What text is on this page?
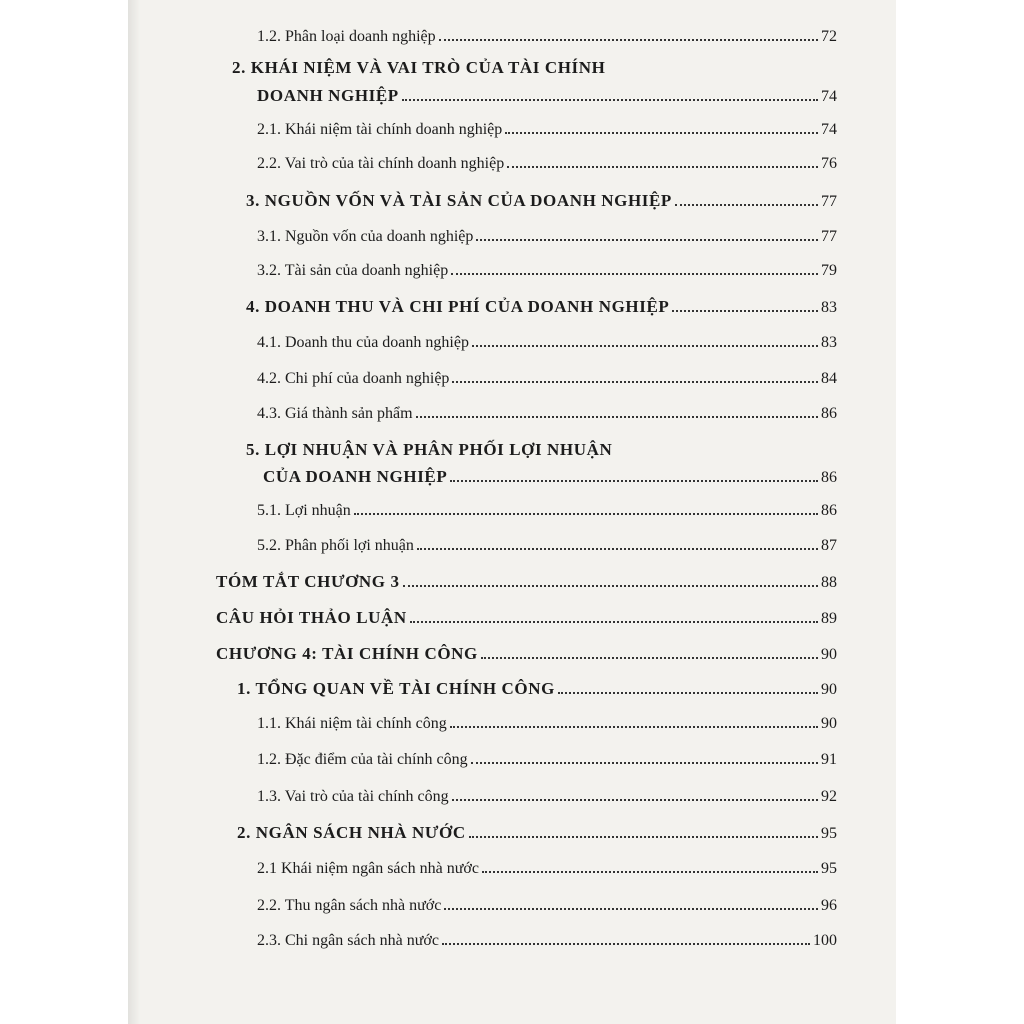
1.2. Phân loại doanh nghiệp	72
2. KHÁI NIỆM VÀ VAI TRÒ CỦA TÀI CHÍNH
DOANH NGHIỆP	74
2.1. Khái niệm tài chính doanh nghiệp	74
2.2. Vai trò của tài chính doanh nghiệp	76
3. NGUỒN VỐN VÀ TÀI SẢN CỦA DOANH NGHIỆP	77
3.1. Nguồn vốn của doanh nghiệp	77
3.2. Tài sản của doanh nghiệp	79
4. DOANH THU VÀ CHI PHÍ CỦA DOANH NGHIỆP	83
4.1. Doanh thu của doanh nghiệp	83
4.2. Chi phí của doanh nghiệp	84
4.3. Giá thành sản phẩm	86
5. LỢI NHUẬN VÀ PHÂN PHỐI LỢI NHUẬN
CỦA DOANH NGHIỆP	86
5.1. Lợi nhuận	86
5.2. Phân phối lợi nhuận	87
TÓM TẮT CHƯƠNG 3	88
CÂU HỎI THẢO LUẬN	89
CHƯƠNG 4: TÀI CHÍNH CÔNG	90
1. TỔNG QUAN VỀ TÀI CHÍNH CÔNG	90
1.1. Khái niệm tài chính công	90
1.2. Đặc điểm của tài chính công	91
1.3. Vai trò của tài chính công	92
2. NGÂN SÁCH NHÀ NƯỚC	95
2.1 Khái niệm ngân sách nhà nước	95
2.2. Thu ngân sách nhà nước	96
2.3. Chi ngân sách nhà nước	100
